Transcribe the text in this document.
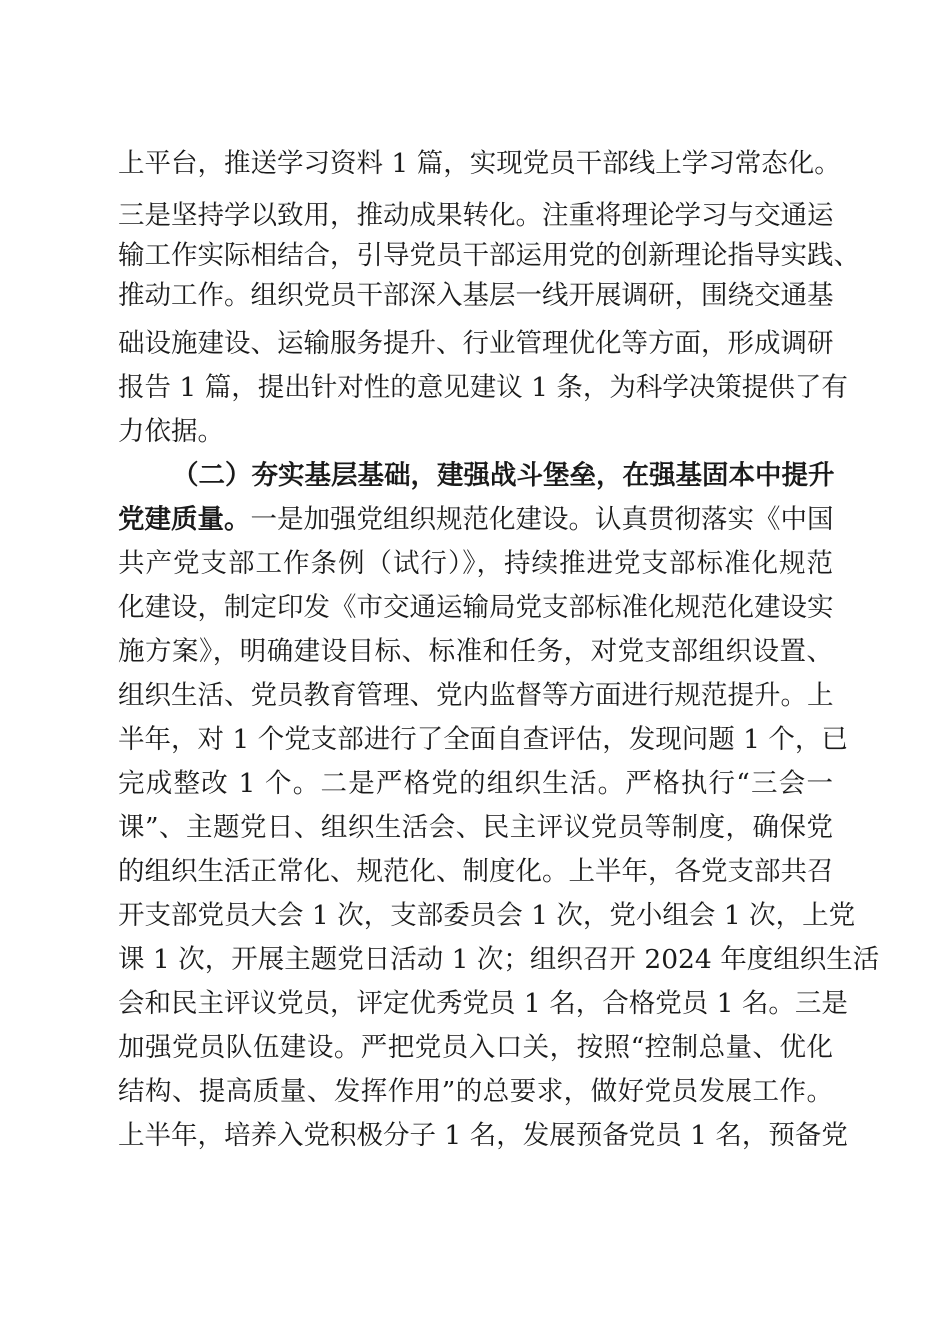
上平台，推送学习资料 1 篇，实现党员干部线上学习常态化。
三是坚持学以致用，推动成果转化。注重将理论学习与交通运
输工作实际相结合，引导党员干部运用党的创新理论指导实践、
推动工作。组织党员干部深入基层一线开展调研，围绕交通基
础设施建设、运输服务提升、行业管理优化等方面，形成调研
报告 1 篇，提出针对性的意见建议 1 条，为科学决策提供了有
力依据。
（二）夯实基层基础，建强战斗堡垒，在强基固本中提升
党建质量。一是加强党组织规范化建设。认真贯彻落实《中国
共产党支部工作条例（试行）》，持续推进党支部标准化规范
化建设，制定印发《市交通运输局党支部标准化规范化建设实
施方案》，明确建设目标、标准和任务，对党支部组织设置、
组织生活、党员教育管理、党内监督等方面进行规范提升。上
半年，对 1 个党支部进行了全面自查评估，发现问题 1 个，已
完成整改 1 个。二是严格党的组织生活。严格执行“三会一
课”、主题党日、组织生活会、民主评议党员等制度，确保党
的组织生活正常化、规范化、制度化。上半年，各党支部共召
开支部党员大会 1 次，支部委员会 1 次，党小组会 1 次，上党
课 1 次，开展主题党日活动 1 次；组织召开 2024 年度组织生活
会和民主评议党员，评定优秀党员 1 名，合格党员 1 名。三是
加强党员队伍建设。严把党员入口关，按照“控制总量、优化
结构、提高质量、发挥作用”的总要求，做好党员发展工作。
上半年，培养入党积极分子 1 名，发展预备党员 1 名，预备党
